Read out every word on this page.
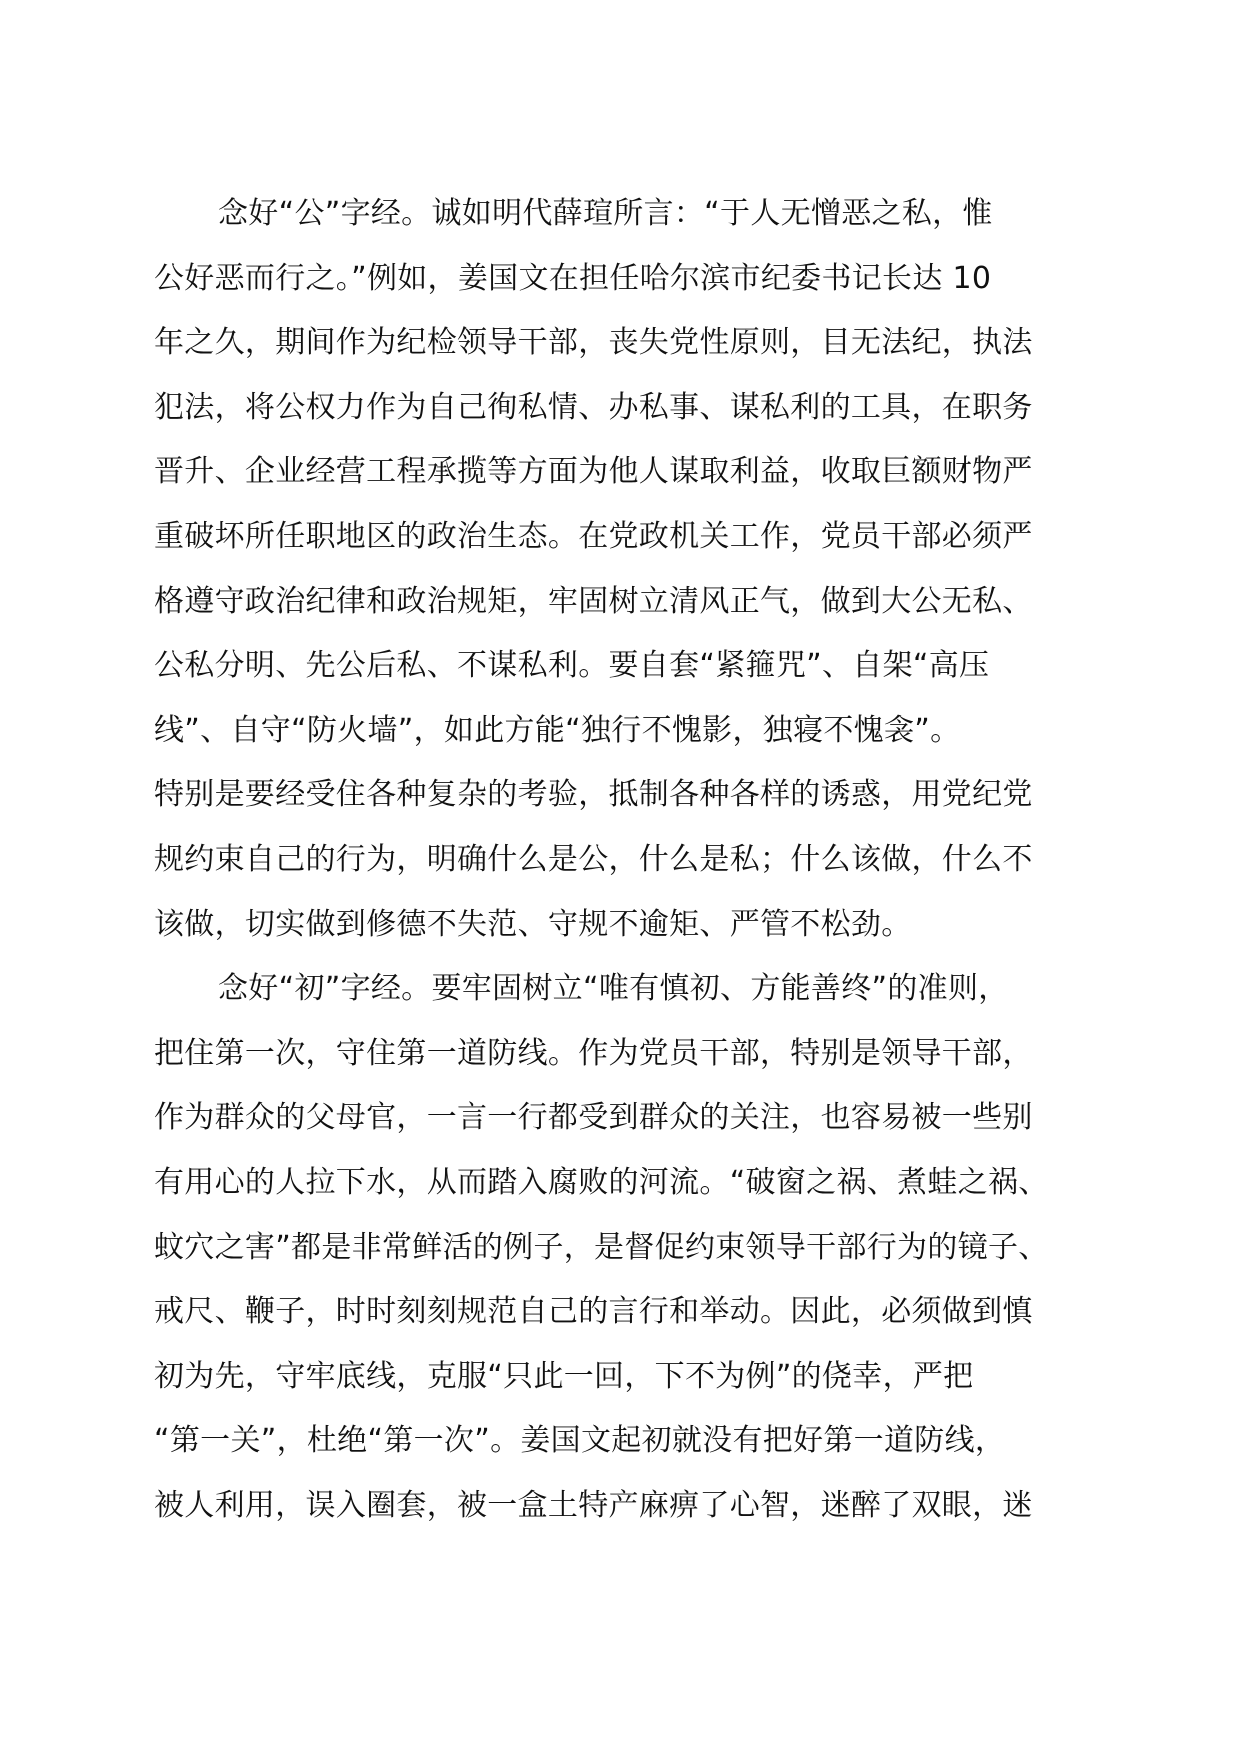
念好“公”字经。诚如明代薛瑄所言：“于人无憎恶之私，惟
公好恶而行之。”例如，姜国文在担任哈尔滨市纪委书记长达 10
年之久，期间作为纪检领导干部，丧失党性原则，目无法纪，执法
犯法，将公权力作为自己徇私情、办私事、谋私利的工具，在职务
晋升、企业经营工程承揽等方面为他人谋取利益，收取巨额财物严
重破坏所任职地区的政治生态。在党政机关工作，党员干部必须严
格遵守政治纪律和政治规矩，牢固树立清风正气，做到大公无私、
公私分明、先公后私、不谋私利。要自套“紧箍咒”、自架“高压
线”、自守“防火墙”，如此方能“独行不愧影，独寝不愧衾”。
特别是要经受住各种复杂的考验，抵制各种各样的诱惑，用党纪党
规约束自己的行为，明确什么是公，什么是私；什么该做，什么不
该做，切实做到修德不失范、守规不逾矩、严管不松劲。
念好“初”字经。要牢固树立“唯有慎初、方能善终”的准则，
把住第一次，守住第一道防线。作为党员干部，特别是领导干部，
作为群众的父母官，一言一行都受到群众的关注，也容易被一些别
有用心的人拉下水，从而踏入腐败的河流。“破窗之祸、煮蛙之祸、
蚊穴之害”都是非常鲜活的例子，是督促约束领导干部行为的镜子、
戒尺、鞭子，时时刻刻规范自己的言行和举动。因此，必须做到慎
初为先，守牢底线，克服“只此一回，下不为例”的侥幸，严把
“第一关”，杜绝“第一次”。姜国文起初就没有把好第一道防线，
被人利用，误入圈套，被一盒土特产麻痹了心智，迷醉了双眼，迷
